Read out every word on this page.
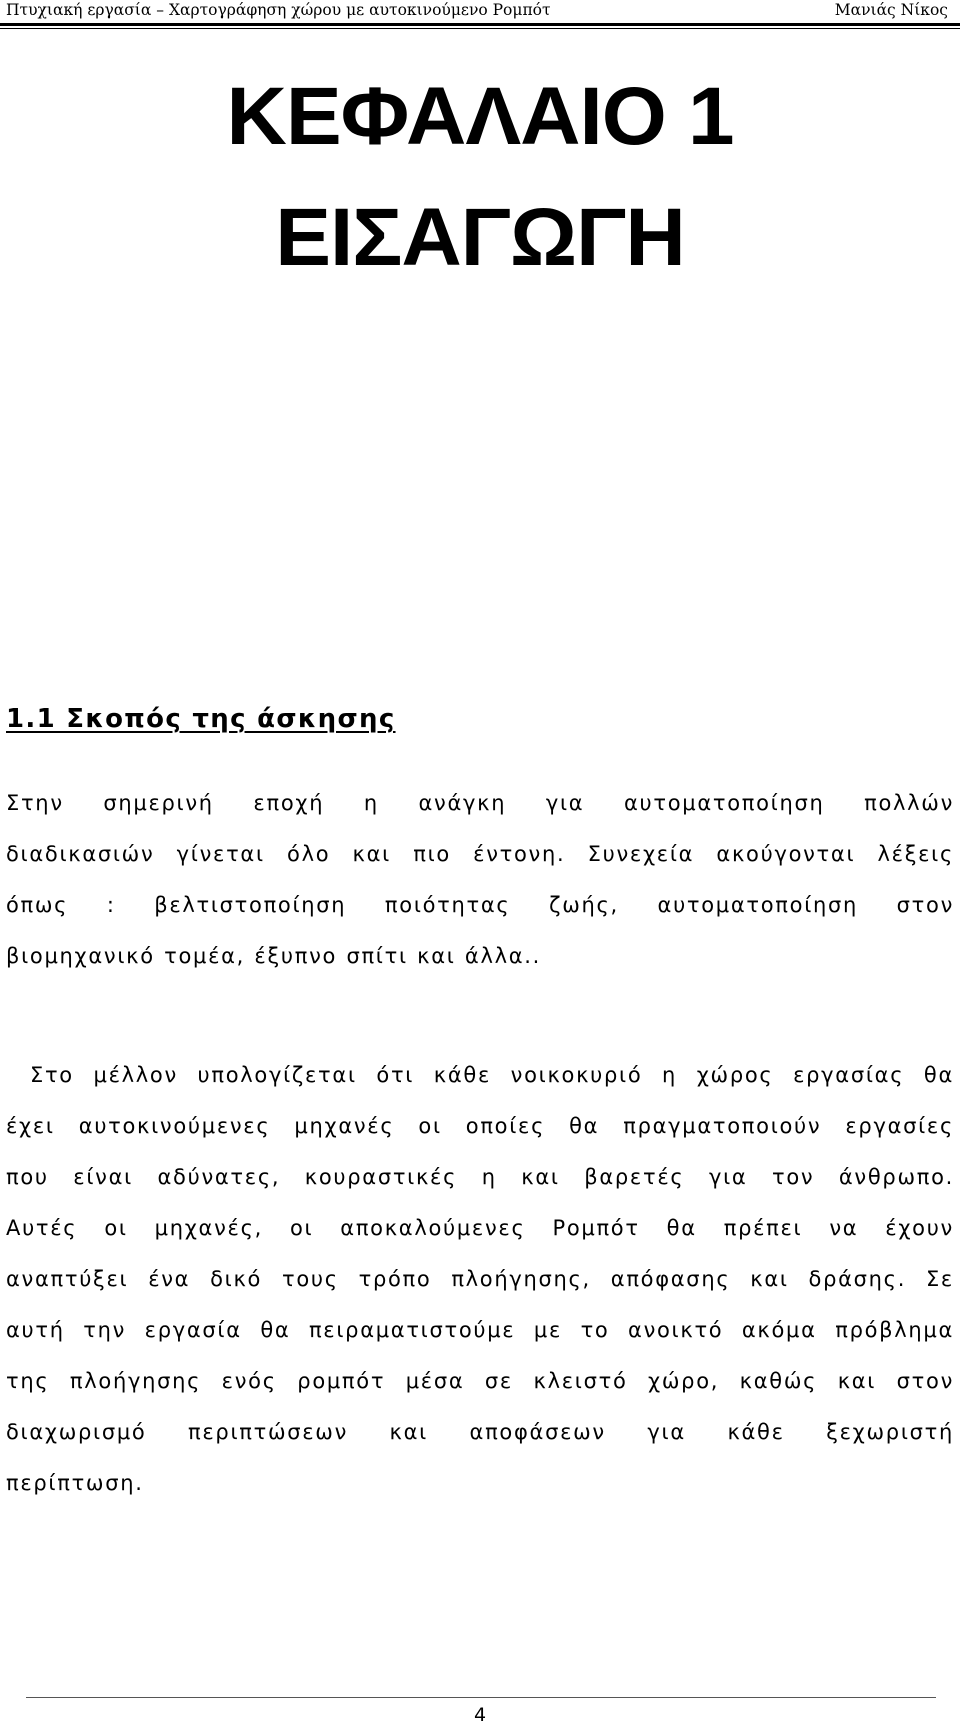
Πτυχιακή εργασία – Χαρτογράφηση χώρου με αυτοκινούμενο Ρομπότ	Μανιάς Νίκος
ΚΕΦΑΛΑΙΟ 1
ΕΙΣΑΓΩΓΗ
1.1 Σκοπός της άσκησης
Στην σημερινή εποχή η ανάγκη για αυτοματοποίηση πολλών
διαδικασιών γίνεται όλο και πιο έντονη. Συνεχεία ακούγονται λέξεις
όπως : βελτιστοποίηση ποιότητας ζωής, αυτοματοποίηση στον
βιομηχανικό τομέα, έξυπνο σπίτι και άλλα..
Στο μέλλον υπολογίζεται ότι κάθε νοικοκυριό η χώρος εργασίας θα
έχει αυτοκινούμενες μηχανές οι οποίες θα πραγματοποιούν εργασίες
που είναι αδύνατες, κουραστικές η και βαρετές για τον άνθρωπο.
Αυτές οι μηχανές, οι αποκαλούμενες Ρομπότ θα πρέπει να έχουν
αναπτύξει ένα δικό τους τρόπο πλοήγησης, απόφασης και δράσης. Σε
αυτή την εργασία θα πειραματιστούμε με το ανοικτό ακόμα πρόβλημα
της πλοήγησης ενός ρομπότ μέσα σε κλειστό χώρο, καθώς και στον
διαχωρισμό περιπτώσεων και αποφάσεων για κάθε ξεχωριστή
περίπτωση.
4
